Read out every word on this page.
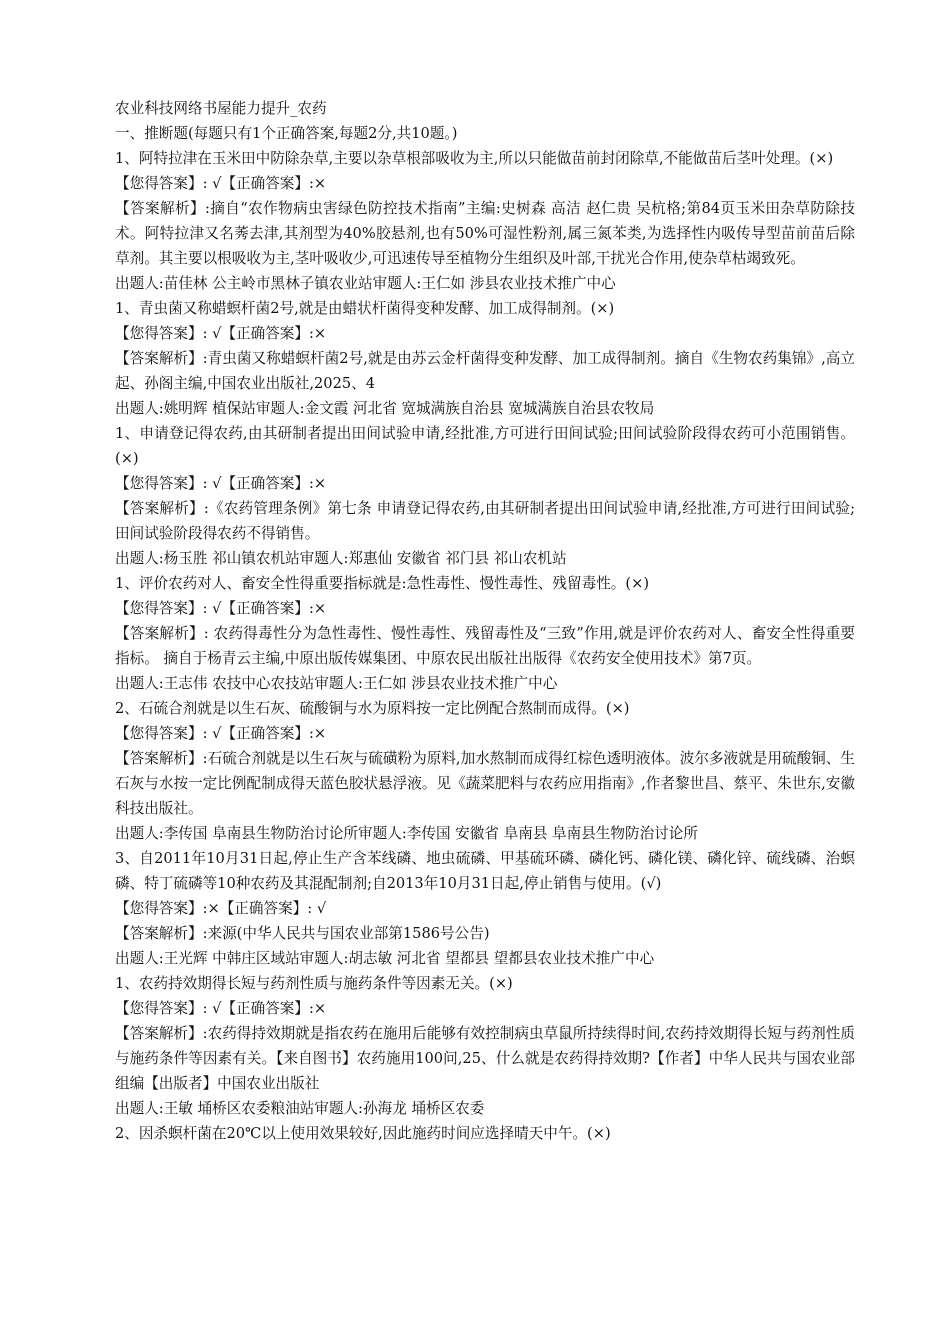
农业科技网络书屋能力提升_农药

一、推断题(每题只有1个正确答案,每题2分,共10题。)

1、阿特拉津在玉米田中防除杂草,主要以杂草根部吸收为主,所以只能做苗前封闭除草,不能做苗后茎叶处理。(×)

【您得答案】: √【正确答案】:×

【答案解析】:摘自“农作物病虫害绿色防控技术指南”主编:史树森 高洁 赵仁贵 吴杭格;第84页玉米田杂草防除技术。阿特拉津又名莠去津,其剂型为40%胶悬剂,也有50%可湿性粉剂,属三氮苯类,为选择性内吸传导型苗前苗后除草剂。其主要以根吸收为主,茎叶吸收少,可迅速传导至植物分生组织及叶部,干扰光合作用,使杂草枯竭致死。

出题人:苗佳林 公主岭市黑林子镇农业站审题人:王仁如 涉县农业技术推广中心

1、青虫菌又称蜡螟杆菌2号,就是由蜡状杆菌得变种发酵、加工成得制剂。(×)

【您得答案】: √【正确答案】:×

【答案解析】:青虫菌又称蜡螟杆菌2号,就是由苏云金杆菌得变种发酵、加工成得制剂。摘自《生物农药集锦》,高立起、孙阁主编,中国农业出版社,2025、4

出题人:姚明辉 植保站审题人:金文霞 河北省 宽城满族自治县 宽城满族自治县农牧局

1、申请登记得农药,由其研制者提出田间试验申请,经批准,方可进行田间试验;田间试验阶段得农药可小范围销售。(×)

【您得答案】: √【正确答案】:×

【答案解析】:《农药管理条例》第七条 申请登记得农药,由其研制者提出田间试验申请,经批准,方可进行田间试验;田间试验阶段得农药不得销售。

出题人:杨玉胜 祁山镇农机站审题人:郑惠仙 安徽省 祁门县 祁山农机站

1、评价农药对人、畜安全性得重要指标就是:急性毒性、慢性毒性、残留毒性。(×)

【您得答案】: √【正确答案】:×

【答案解析】: 农药得毒性分为急性毒性、慢性毒性、残留毒性及“三致”作用,就是评价农药对人、畜安全性得重要指标。 摘自于杨青云主编,中原出版传媒集团、中原农民出版社出版得《农药安全使用技术》第7页。

出题人:王志伟 农技中心农技站审题人:王仁如 涉县农业技术推广中心

2、石硫合剂就是以生石灰、硫酸铜与水为原料按一定比例配合熬制而成得。(×)

【您得答案】: √【正确答案】:×

【答案解析】:石硫合剂就是以生石灰与硫磺粉为原料,加水熬制而成得红棕色透明液体。波尔多液就是用硫酸铜、生石灰与水按一定比例配制成得天蓝色胶状悬浮液。见《蔬菜肥料与农药应用指南》,作者黎世昌、蔡平、朱世东,安徽科技出版社。

出题人:李传国 阜南县生物防治讨论所审题人:李传国 安徽省 阜南县 阜南县生物防治讨论所

3、自2011年10月31日起,停止生产含苯线磷、地虫硫磷、甲基硫环磷、磷化钙、磷化镁、磷化锌、硫线磷、治螟磷、特丁硫磷等10种农药及其混配制剂;自2013年10月31日起,停止销售与使用。(√)

【您得答案】:×【正确答案】: √

【答案解析】:来源(中华人民共与国农业部第1586号公告)

出题人:王光辉 中韩庄区域站审题人:胡志敏 河北省 望都县 望都县农业技术推广中心

1、农药持效期得长短与药剂性质与施药条件等因素无关。(×)

【您得答案】: √【正确答案】:×

【答案解析】:农药得持效期就是指农药在施用后能够有效控制病虫草鼠所持续得时间,农药持效期得长短与药剂性质与施药条件等因素有关。【来自图书】农药施用100问,25、什么就是农药得持效期?【作者】中华人民共与国农业部 组编【出版者】中国农业出版社

出题人:王敏 埇桥区农委粮油站审题人:孙海龙 埇桥区农委

2、因杀螟杆菌在20℃以上使用效果较好,因此施药时间应选择晴天中午。(×)
